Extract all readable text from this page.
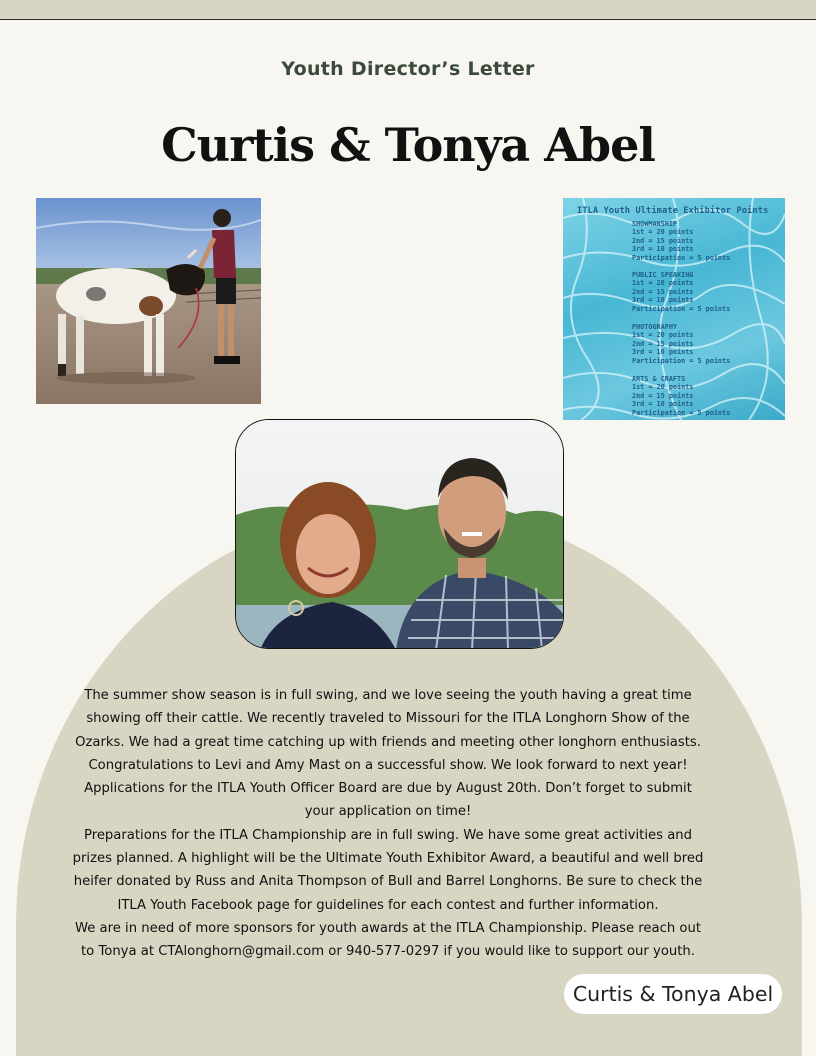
Youth Director’s Letter
Curtis & Tonya Abel
ITLA Youth Ultimate Exhibitor Points
SHOWMANSHIP
1st = 20 points
2nd = 15 points
3rd = 10 points
Participation = 5 points
PUBLIC SPEAKING
1st = 20 points
2nd = 15 points
3rd = 10 points
Participation = 5 points
PHOTOGRAPHY
1st = 20 points
2nd = 15 points
3rd = 10 points
Participation = 5 points
ARTS & CRAFTS
1st = 20 points
2nd = 15 points
3rd = 10 points
Participation = 5 points

The summer show season is in full swing, and we love seeing the youth having a great time showing off their cattle. We recently traveled to Missouri for the ITLA Longhorn Show of the Ozarks. We had a great time catching up with friends and meeting other longhorn enthusiasts. Congratulations to Levi and Amy Mast on a successful show. We look forward to next year! Applications for the ITLA Youth Officer Board are due by August 20th. Don’t forget to submit your application on time!

Preparations for the ITLA Championship are in full swing. We have some great activities and prizes planned. A highlight will be the Ultimate Youth Exhibitor Award, a beautiful and well bred heifer donated by Russ and Anita Thompson of Bull and Barrel Longhorns. Be sure to check the ITLA Youth Facebook page for guidelines for each contest and further information.

We are in need of more sponsors for youth awards at the ITLA Championship. Please reach out to Tonya at CTAlonghorn@gmail.com or 940-577-0297 if you would like to support our youth.

Curtis & Tonya Abel
